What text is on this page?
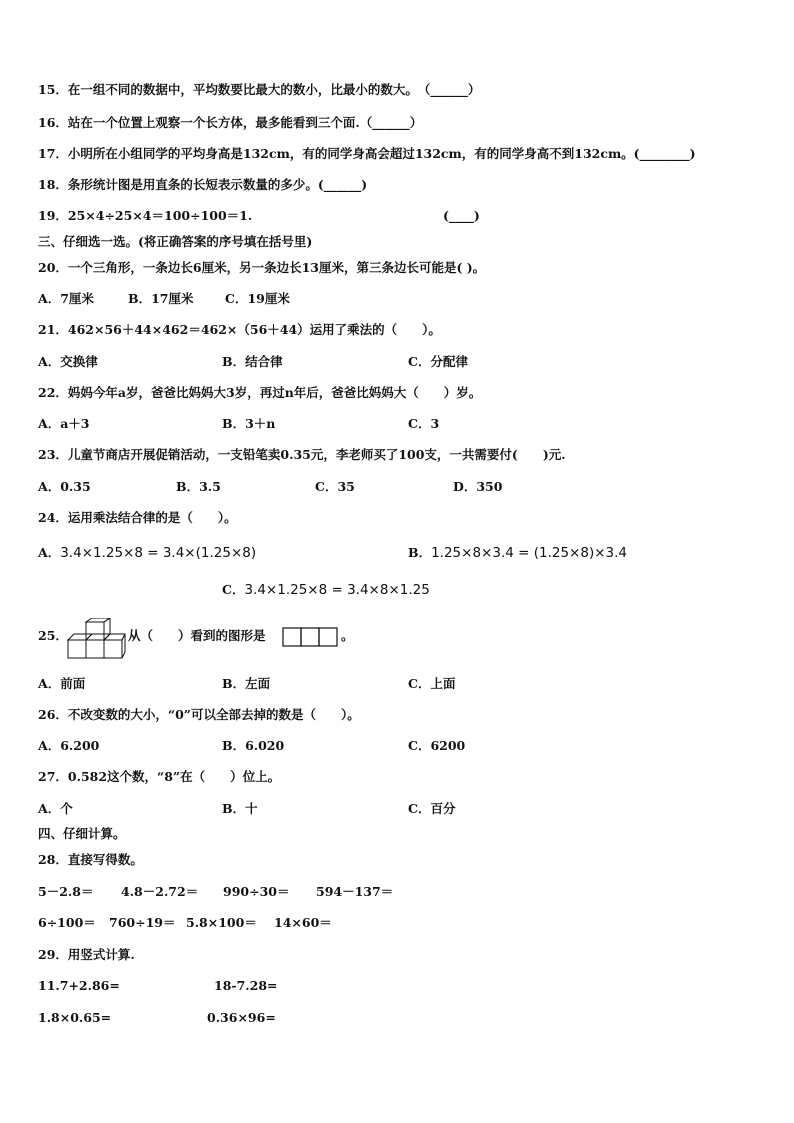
15．在一组不同的数据中，平均数要比最大的数小，比最小的数大。　（______）
16．站在一个位置上观察一个长方体，最多能看到三个面.（______）
17．小明所在小组同学的平均身高是132cm，有的同学身高会超过132cm，有的同学身高不到132cm。(________)
18．条形统计图是用直条的长短表示数量的多少。(______)
19．25×4÷25×4＝100÷100＝1.	(____)
三、仔细选一选。(将正确答案的序号填在括号里)
20．一个三角形，一条边长6厘米，另一条边长13厘米，第三条边长可能是( )。
A．7厘米	B．17厘米	C．19厘米
21．462×56＋44×462＝462×（56＋44）运用了乘法的（　　）。
A．交换律	B．结合律	C．分配律
22．妈妈今年a岁，爸爸比妈妈大3岁，再过n年后，爸爸比妈妈大（　　）岁。
A．a＋3	B．3＋n	C．3
23．儿童节商店开展促销活动，一支铅笔卖0.35元，李老师买了100支，一共需要付(　　)元.
A．0.35	B．3.5	C．35	D．350
24．运用乘法结合律的是（　　）。
A．3.4×1.25×8 = 3.4×(1.25×8)	B．1.25×8×3.4 = (1.25×8)×3.4
C．3.4×1.25×8 = 3.4×8×1.25
25．	从（　　）看到的图形是	。
A．前面	B．左面	C．上面
26．不改变数的大小，“0”可以全部去掉的数是（　　）。
A．6.200	B．6.020	C．6200
27．0.582这个数，“8”在（　　）位上。
A．个	B．十	C．百分
四、仔细计算。
28．直接写得数。
5－2.8＝ 4.8－2.72＝ 990÷30＝ 594－137＝
6÷100＝ 760÷19＝ 5.8×100＝ 14×60＝
29．用竖式计算.
11.7+2.86=	18-7.28=
1.8×0.65=	0.36×96=
